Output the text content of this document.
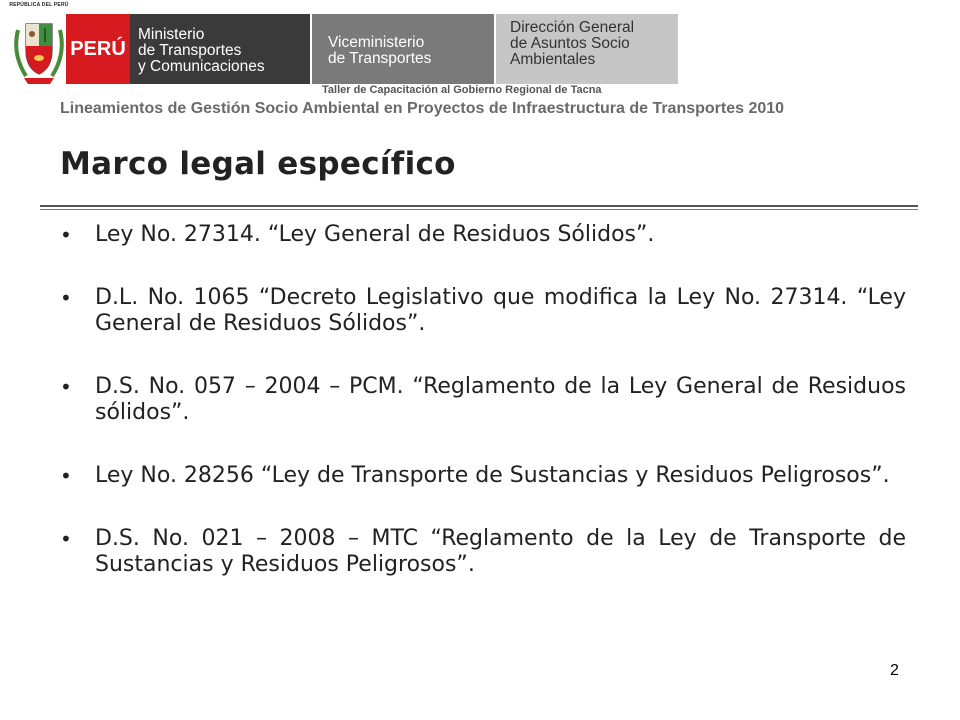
REPÚBLICA DEL PERÚ
PERÚ
Ministerio
de Transportes
y Comunicaciones
Viceministerio
de Transportes
Dirección General
de Asuntos Socio
Ambientales
Taller de Capacitación al Gobierno Regional de Tacna
Lineamientos de Gestión Socio Ambiental en Proyectos de Infraestructura de Transportes 2010
Marco legal específico
• Ley No. 27314. “Ley General de Residuos Sólidos”.
• D.L. No. 1065 “Decreto Legislativo que modifica la Ley No. 27314. “Ley General de Residuos Sólidos”.
• D.S. No. 057 – 2004 – PCM. “Reglamento de la Ley General de Residuos sólidos”.
• Ley No. 28256 “Ley de Transporte de Sustancias y Residuos Peligrosos”.
• D.S. No. 021 – 2008 – MTC “Reglamento de la Ley de Transporte de Sustancias y Residuos Peligrosos”.
2
